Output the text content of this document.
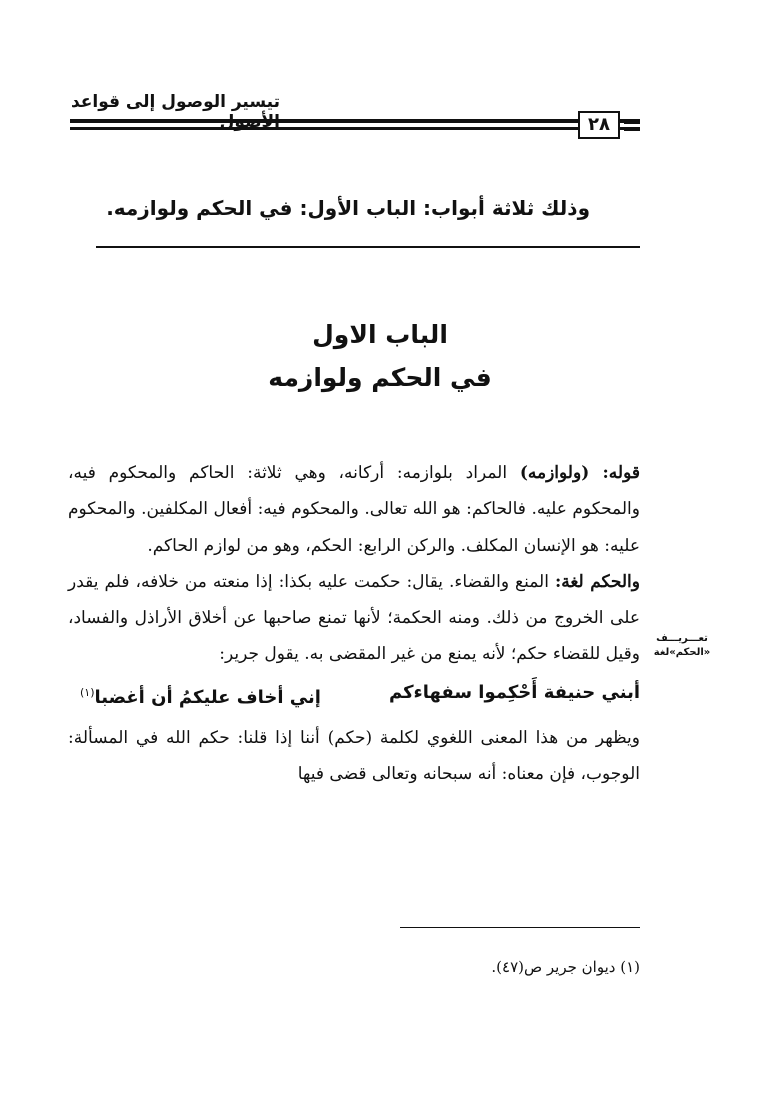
تيسير الوصول إلى قواعد
٢٨
وذلك ثلاثة أبواب: الباب الأول: في الحكم ولوازمه.
الباب الاول
في الحكم ولوازمه

قوله: (ولوازمه) المراد بلوازمه: أركانه، وهي ثلاثة: الحاكم والمحكوم فيه، والمحكوم عليه. فالحاكم: هو الله تعالى. والمحكوم فيه: أفعال المكلفين. والمحكوم عليه: هو الإنسان المكلف. والركن الرابع: الحكم، وهو من لوازم الحاكم.

والحكم لغة: المنع والقضاء. يقال: حكمت عليه بكذا: إذا منعته من خلافه، فلم يقدر على الخروج من ذلك. ومنه الحكمة؛ لأنها تمنع صاحبها عن أخلاق الأراذل والفساد، وقيل للقضاء حكم؛ لأنه يمنع من غير المقضى به. يقول جرير:

أبني حنيفة أَحْكِموا سفهاءكم
إني أخاف عليكمُ أن أغضبا$^{(١)}$

ويظهر من هذا المعنى اللغوي لكلمة (حكم) أننا إذا قلنا: حكم الله في المسألة: الوجوب، فإن معناه: أنه سبحانه وتعالى قضى فيها

تعـــريـــف
«الحكم»لغة
(١) ديوان جرير ص(٤٧).
